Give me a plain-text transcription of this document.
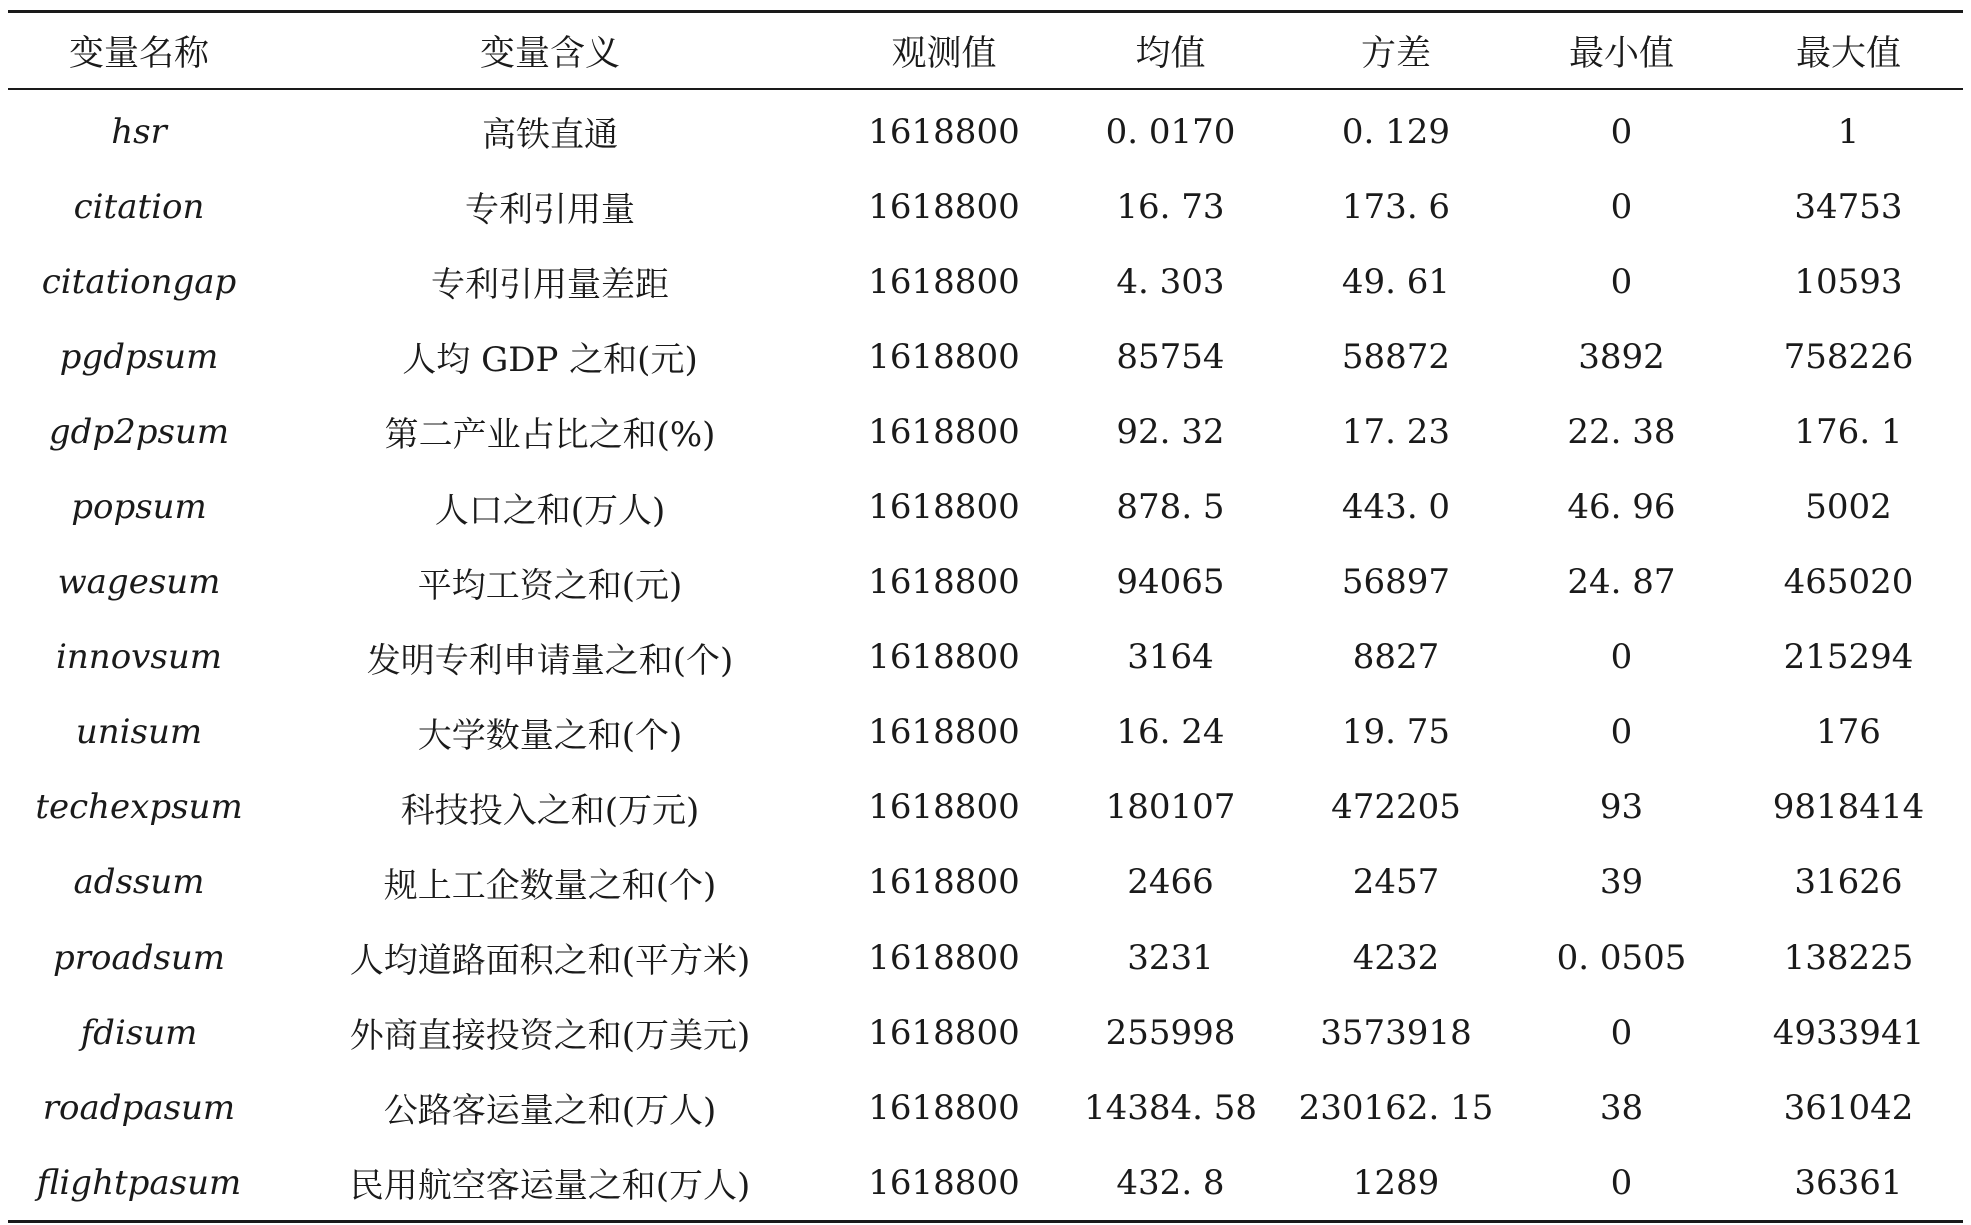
变量名称	变量含义	观测值	均值	方差	最小值	最大值
hsr	高铁直通	1618800	0. 0170	0. 129	0	1
citation	专利引用量	1618800	16. 73	173. 6	0	34753
citationgap	专利引用量差距	1618800	4. 303	49. 61	0	10593
pgdpsum	人均 GDP 之和(元)	1618800	85754	58872	3892	758226
gdp2psum	第二产业占比之和(%)	1618800	92. 32	17. 23	22. 38	176. 1
popsum	人口之和(万人)	1618800	878. 5	443. 0	46. 96	5002
wagesum	平均工资之和(元)	1618800	94065	56897	24. 87	465020
innovsum	发明专利申请量之和(个)	1618800	3164	8827	0	215294
unisum	大学数量之和(个)	1618800	16. 24	19. 75	0	176
techexpsum	科技投入之和(万元)	1618800	180107	472205	93	9818414
adssum	规上工企数量之和(个)	1618800	2466	2457	39	31626
proadsum	人均道路面积之和(平方米)	1618800	3231	4232	0. 0505	138225
fdisum	外商直接投资之和(万美元)	1618800	255998	3573918	0	4933941
roadpasum	公路客运量之和(万人)	1618800	14384. 58	230162. 15	38	361042
flightpasum	民用航空客运量之和(万人)	1618800	432. 8	1289	0	36361
